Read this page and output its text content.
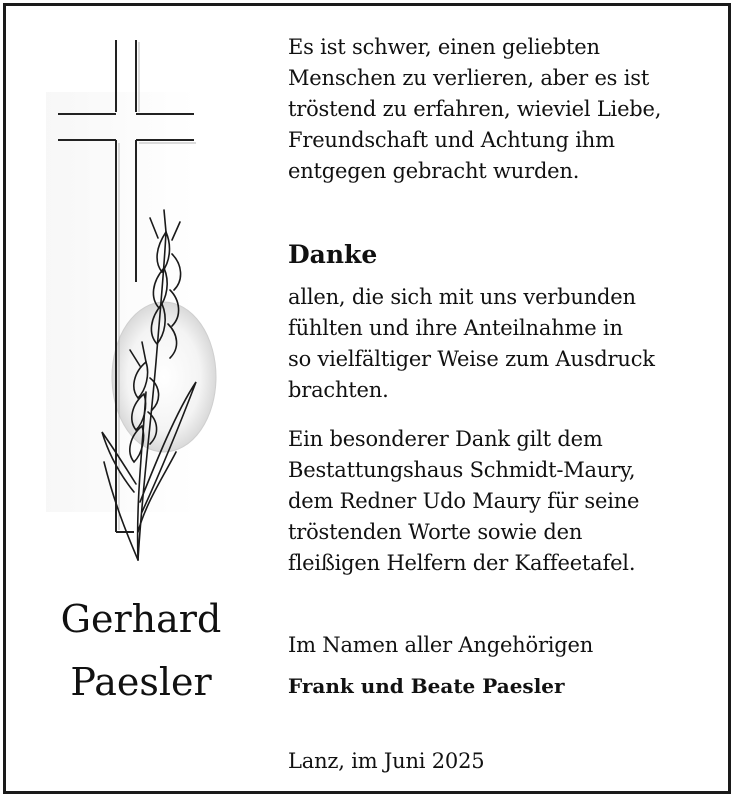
Gerhard

Paesler

Es ist schwer, einen geliebten

Menschen zu verlieren, aber es ist

tröstend zu erfahren, wieviel Liebe,

Freundschaft und Achtung ihm

entgegen gebracht wurden.

Danke

allen, die sich mit uns verbunden

fühlten und ihre Anteilnahme in

so vielfältiger Weise zum Ausdruck

brachten.

Ein besonderer Dank gilt dem

Bestattungshaus Schmidt-Maury,

dem Redner Udo Maury für seine

tröstenden Worte sowie den

fleißigen Helfern der Kaffeetafel.

Im Namen aller Angehörigen

Frank und Beate Paesler

Lanz, im Juni 2025
